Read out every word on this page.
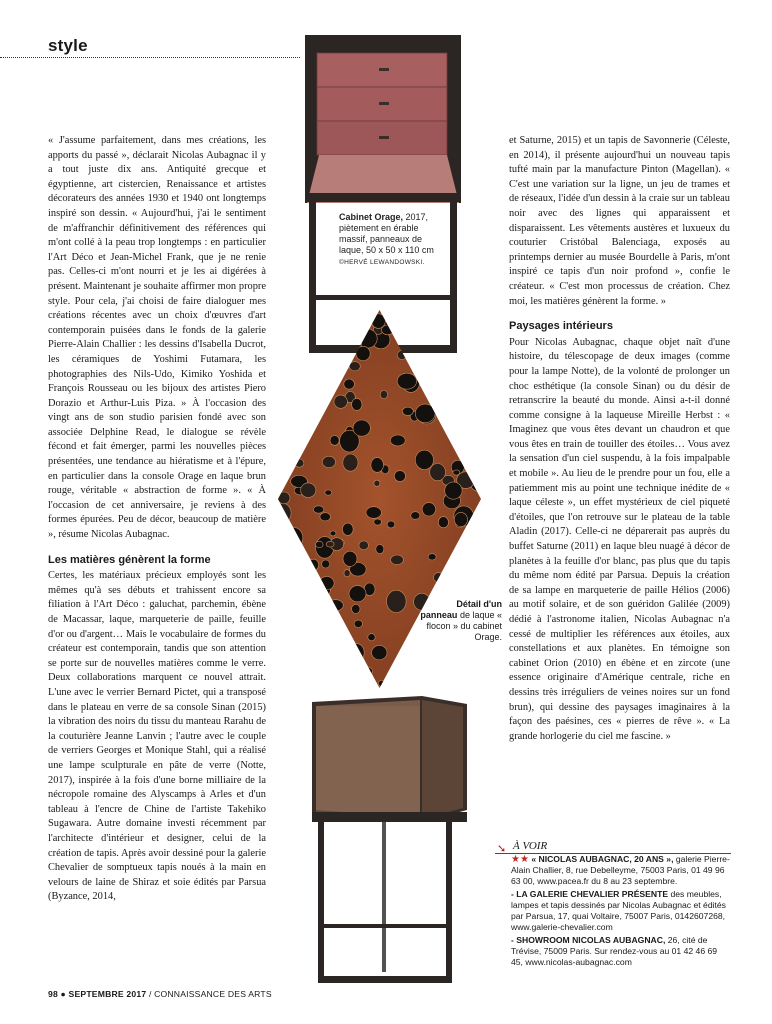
style

« J'assume parfaitement, dans mes créations, les apports du passé », déclarait Nicolas Aubagnac il y a tout juste dix ans. Antiquité grecque et égyptienne, art cistercien, Renaissance et artistes décorateurs des années 1930 et 1940 ont longtemps inspiré son dessin. « Aujourd'hui, j'ai le sentiment de m'affranchir définitivement des références qui m'ont collé à la peau trop longtemps : en particulier l'Art Déco et Jean-Michel Frank, que je ne renie pas. Celles-ci m'ont nourri et je les ai digérées à présent. Maintenant je souhaite affirmer mon propre style. Pour cela, j'ai choisi de faire dialoguer mes créations récentes avec un choix d'œuvres d'art contemporain puisées dans le fonds de la galerie Pierre-Alain Challier : les dessins d'Isabella Ducrot, les céramiques de Yoshimi Futamara, les photographies des Nils-Udo, Kimiko Yoshida et François Rousseau ou les bijoux des artistes Piero Dorazio et Arthur-Luis Piza. » À l'occasion des vingt ans de son studio parisien fondé avec son associée Delphine Read, le dialogue se révèle fécond et fait émerger, parmi les nouvelles pièces présentées, une tendance au hiératisme et à l'épure, en particulier dans la console Orage en laque brun rouge, véritable « abstraction de forme ». « À l'occasion de cet anniversaire, je reviens à des formes épurées. Peu de décor, beaucoup de matière », résume Nicolas Aubagnac.

Les matières génèrent la forme

Certes, les matériaux précieux employés sont les mêmes qu'à ses débuts et trahissent encore sa filiation à l'Art Déco : galuchat, parchemin, ébène de Macassar, laque, marqueterie de paille, feuille d'or ou d'argent… Mais le vocabulaire de formes du créateur est contemporain, tandis que son attention se porte sur de nouvelles matières comme le verre. Deux collaborations marquent ce nouvel attrait. L'une avec le verrier Bernard Pictet, qui a transposé dans le plateau en verre de sa console Sinan (2015) la vibration des noirs du tissu du manteau Rarahu de la couturière Jeanne Lanvin ; l'autre avec le couple de verriers Georges et Monique Stahl, qui a réalisé une lampe sculpturale en pâte de verre (Notte, 2017), inspirée à la fois d'une borne milliaire de la nécropole romaine des Alyscamps à Arles et d'un tableau à l'encre de Chine de l'artiste Takehiko Sugawara. Autre domaine investi récemment par l'architecte d'intérieur et designer, celui de la création de tapis. Après avoir dessiné pour la galerie Chevalier de somptueux tapis noués à la main en velours de laine de Shiraz et soie édités par Parsua (Byzance, 2014,

et Saturne, 2015) et un tapis de Savonnerie (Céleste, en 2014), il présente aujourd'hui un nouveau tapis tufté main par la manufacture Pinton (Magellan). « C'est une variation sur la ligne, un jeu de trames et de réseaux, l'idée d'un dessin à la craie sur un tableau noir avec des lignes qui apparaissent et disparaissent. Les vêtements austères et luxueux du couturier Cristóbal Balenciaga, exposés au printemps dernier au musée Bourdelle à Paris, m'ont inspiré ce tapis d'un noir profond », confie le créateur. « C'est mon processus de création. Chez moi, les matières génèrent la forme. »

Paysages intérieurs

Pour Nicolas Aubagnac, chaque objet naît d'une histoire, du télescopage de deux images (comme pour la lampe Notte), de la volonté de prolonger un choc esthétique (la console Sinan) ou du désir de retranscrire la beauté du monde. Ainsi a-t-il donné comme consigne à la laqueuse Mireille Herbst : « Imaginez que vous êtes devant un chaudron et que vous êtes en train de touiller des étoiles… Vous avez la sensation d'un ciel suspendu, à la fois impalpable et mobile ». Au lieu de le prendre pour un fou, elle a patiemment mis au point une technique inédite de « laque céleste », un effet mystérieux de ciel piqueté d'étoiles, que l'on retrouve sur le plateau de la table Aladin (2017). Celle-ci ne déparerait pas auprès du buffet Saturne (2011) en laque bleu nuagé à décor de planètes à la feuille d'or blanc, pas plus que du tapis du même nom édité par Parsua. Depuis la création de sa lampe en marqueterie de paille Hélios (2006) au motif solaire, et de son guéridon Galilée (2009) dédié à l'astronome italien, Nicolas Aubagnac n'a cessé de multiplier les références aux étoiles, aux constellations et aux planètes. En témoigne son cabinet Orion (2010) en ébène et en zircote (une essence originaire d'Amérique centrale, riche en dessins très irréguliers de veines noires sur un fond brun), qui dessine des paysages imaginaires à la façon des paésines, ces « pierres de rêve ». « La grande horlogerie du ciel me fascine. »

Cabinet Orage, 2017, piètement en érable massif, panneaux de laque, 50 x 50 x 110 cm
©HERVÉ LEWANDOWSKI.
Détail d'un panneau de laque « flocon » du cabinet Orage.
➘ À VOIR

★★ « NICOLAS AUBAGNAC, 20 ANS », galerie Pierre-Alain Challier, 8, rue Debelleyme, 75003 Paris, 01 49 96 63 00, www.pacea.fr du 8 au 23 septembre.

- LA GALERIE CHEVALIER PRÉSENTE des meubles, lampes et tapis dessinés par Nicolas Aubagnac et édités par Parsua, 17, quai Voltaire, 75007 Paris, 0142607268, www.galerie-chevalier.com

- SHOWROOM NICOLAS AUBAGNAC, 26, cité de Trévise, 75009 Paris. Sur rendez-vous au 01 42 46 69 45, www.nicolas-aubagnac.com

98 ● SEPTEMBRE 2017 / CONNAISSANCE DES ARTS
